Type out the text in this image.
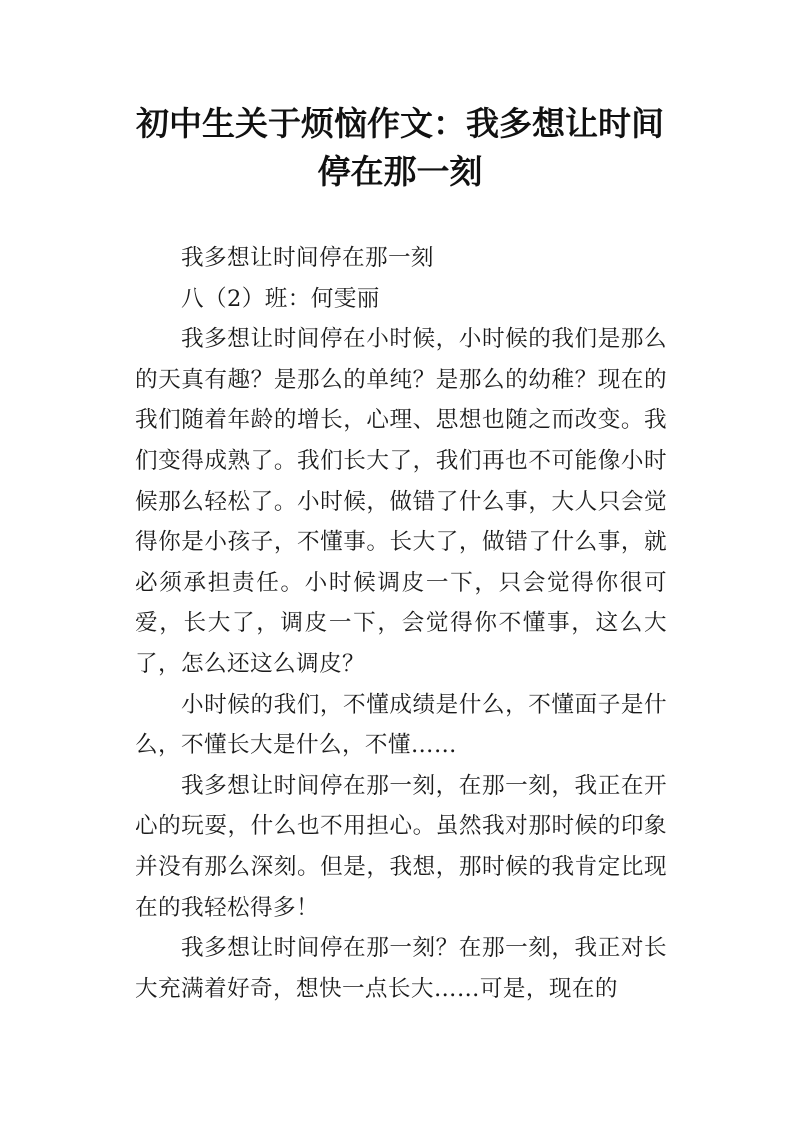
初中生关于烦恼作文：我多想让时间
停在那一刻

我多想让时间停在那一刻

八（2）班：何雯丽

我多想让时间停在小时候，小时候的我们是那么的天真有趣？是那么的单纯？是那么的幼稚？现在的我们随着年龄的增长，心理、思想也随之而改变。我们变得成熟了。我们长大了，我们再也不可能像小时候那么轻松了。小时候，做错了什么事，大人只会觉得你是小孩子，不懂事。长大了，做错了什么事，就必须承担责任。小时候调皮一下，只会觉得你很可爱，长大了，调皮一下，会觉得你不懂事，这么大了，怎么还这么调皮？

小时候的我们，不懂成绩是什么，不懂面子是什么，不懂长大是什么，不懂……

我多想让时间停在那一刻，在那一刻，我正在开心的玩耍，什么也不用担心。虽然我对那时候的印象并没有那么深刻。但是，我想，那时候的我肯定比现在的我轻松得多！

我多想让时间停在那一刻？在那一刻，我正对长大充满着好奇，想快一点长大……可是，现在的
